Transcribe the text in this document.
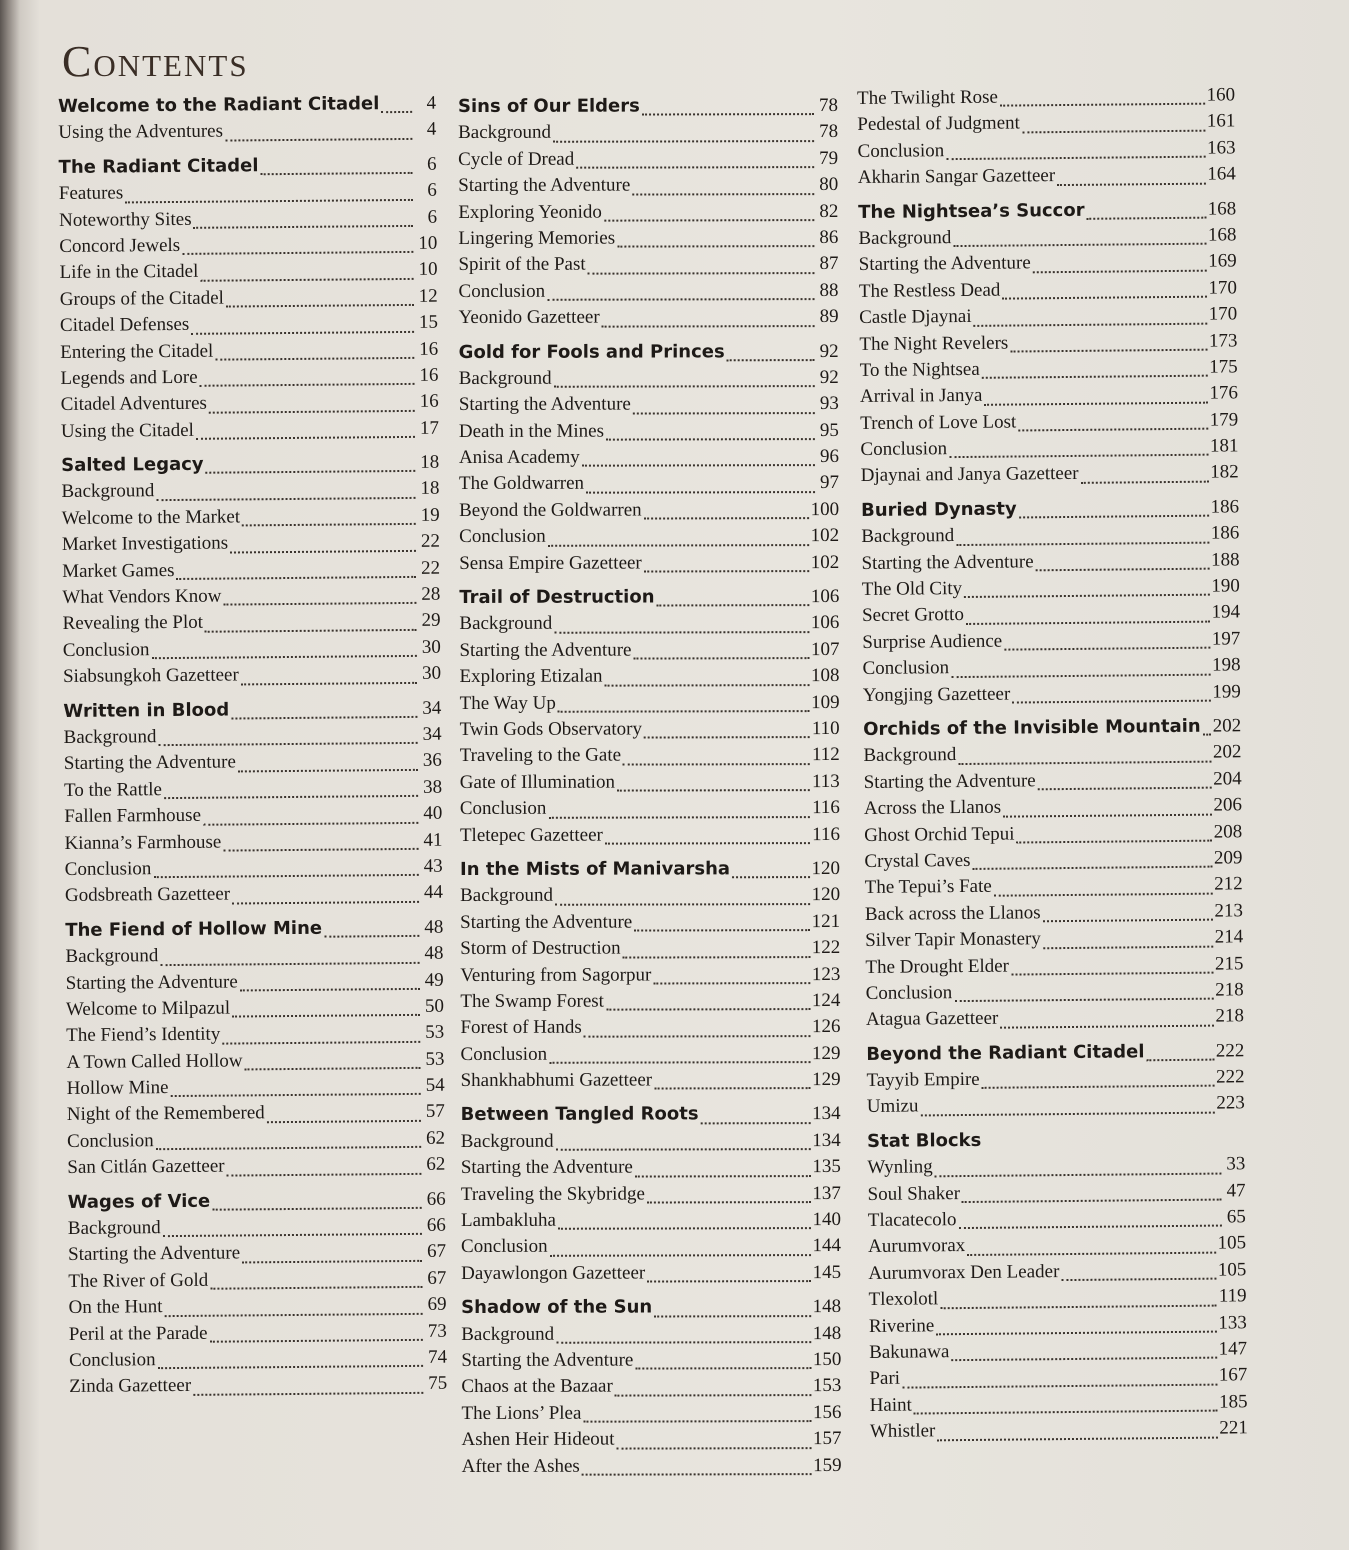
Contents
Welcome to the Radiant Citadel	4
Using the Adventures	4
The Radiant Citadel	6
Features	6
Noteworthy Sites	6
Concord Jewels	10
Life in the Citadel	10
Groups of the Citadel	12
Citadel Defenses	15
Entering the Citadel	16
Legends and Lore	16
Citadel Adventures	16
Using the Citadel	17
Salted Legacy	18
Background	18
Welcome to the Market	19
Market Investigations	22
Market Games	22
What Vendors Know	28
Revealing the Plot	29
Conclusion	30
Siabsungkoh Gazetteer	30
Written in Blood	34
Background	34
Starting the Adventure	36
To the Rattle	38
Fallen Farmhouse	40
Kianna’s Farmhouse	41
Conclusion	43
Godsbreath Gazetteer	44
The Fiend of Hollow Mine	48
Background	48
Starting the Adventure	49
Welcome to Milpazul	50
The Fiend’s Identity	53
A Town Called Hollow	53
Hollow Mine	54
Night of the Remembered	57
Conclusion	62
San Citlán Gazetteer	62
Wages of Vice	66
Background	66
Starting the Adventure	67
The River of Gold	67
On the Hunt	69
Peril at the Parade	73
Conclusion	74
Zinda Gazetteer	75
Sins of Our Elders	78
Background	78
Cycle of Dread	79
Starting the Adventure	80
Exploring Yeonido	82
Lingering Memories	86
Spirit of the Past	87
Conclusion	88
Yeonido Gazetteer	89
Gold for Fools and Princes	92
Background	92
Starting the Adventure	93
Death in the Mines	95
Anisa Academy	96
The Goldwarren	97
Beyond the Goldwarren	100
Conclusion	102
Sensa Empire Gazetteer	102
Trail of Destruction	106
Background	106
Starting the Adventure	107
Exploring Etizalan	108
The Way Up	109
Twin Gods Observatory	110
Traveling to the Gate	112
Gate of Illumination	113
Conclusion	116
Tletepec Gazetteer	116
In the Mists of Manivarsha	120
Background	120
Starting the Adventure	121
Storm of Destruction	122
Venturing from Sagorpur	123
The Swamp Forest	124
Forest of Hands	126
Conclusion	129
Shankhabhumi Gazetteer	129
Between Tangled Roots	134
Background	134
Starting the Adventure	135
Traveling the Skybridge	137
Lambakluha	140
Conclusion	144
Dayawlongon Gazetteer	145
Shadow of the Sun	148
Background	148
Starting the Adventure	150
Chaos at the Bazaar	153
The Lions’ Plea	156
Ashen Heir Hideout	157
After the Ashes	159
The Twilight Rose	160
Pedestal of Judgment	161
Conclusion	163
Akharin Sangar Gazetteer	164
The Nightsea’s Succor	168
Background	168
Starting the Adventure	169
The Restless Dead	170
Castle Djaynai	170
The Night Revelers	173
To the Nightsea	175
Arrival in Janya	176
Trench of Love Lost	179
Conclusion	181
Djaynai and Janya Gazetteer	182
Buried Dynasty	186
Background	186
Starting the Adventure	188
The Old City	190
Secret Grotto	194
Surprise Audience	197
Conclusion	198
Yongjing Gazetteer	199
Orchids of the Invisible Mountain 202
Background	202
Starting the Adventure	204
Across the Llanos	206
Ghost Orchid Tepui	208
Crystal Caves	209
The Tepui’s Fate	212
Back across the Llanos	213
Silver Tapir Monastery	214
The Drought Elder	215
Conclusion	218
Atagua Gazetteer	218
Beyond the Radiant Citadel	222
Tayyib Empire	222
Umizu	223
Stat Blocks
Wynling	33
Soul Shaker	47
Tlacatecolo	65
Aurumvorax	105
Aurumvorax Den Leader	105
Tlexolotl	119
Riverine	133
Bakunawa	147
Pari	167
Haint	185
Whistler	221
